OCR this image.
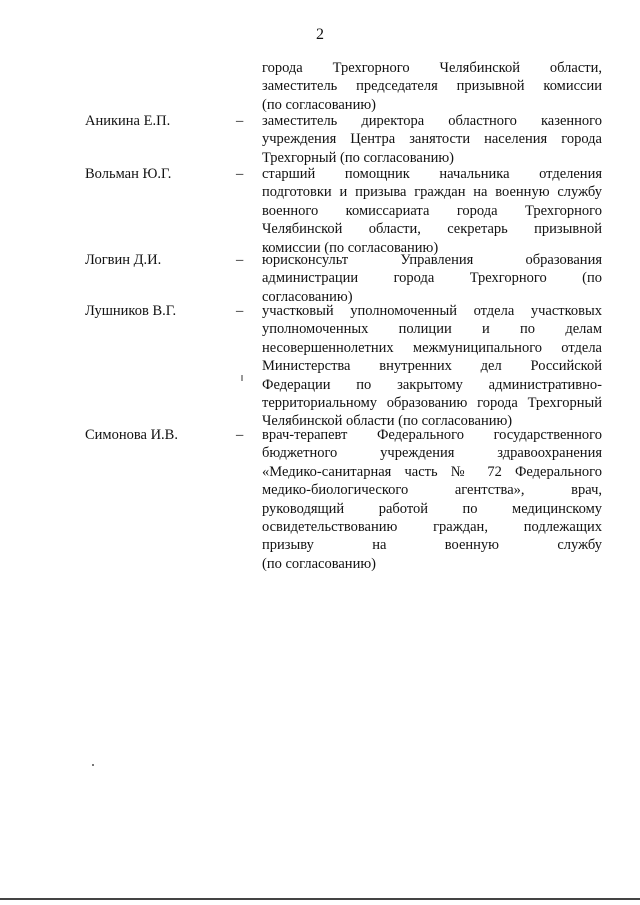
2
города Трехгорного Челябинской области,
заместитель председателя призывной комиссии
(по согласованию)
Аникина Е.П.	– заместитель директора областного казенного
учреждения Центра занятости населения города
Трехгорный (по согласованию)
Вольман Ю.Г.	– старший помощник начальника отделения
подготовки и призыва граждан на военную службу
военного комиссариата города Трехгорного
Челябинской области, секретарь призывной
комиссии (по согласованию)
Логвин Д.И.	– юрисконсульт Управления образования
администрации города Трехгорного (по
согласованию)
Лушников В.Г.	– участковый уполномоченный отдела участковых
уполномоченных полиции и по делам
несовершеннолетних межмуниципального отдела
Министерства внутренних дел Российской
Федерации по закрытому административно-
территориальному образованию города Трехгорный
Челябинской области (по согласованию)
Симонова И.В.	– врач-терапевт Федерального государственного
бюджетного учреждения здравоохранения
«Медико-санитарная часть № 72 Федерального
медико-биологического агентства», врач,
руководящий работой по медицинскому
освидетельствованию граждан, подлежащих
призыву на военную службу
(по согласованию)
